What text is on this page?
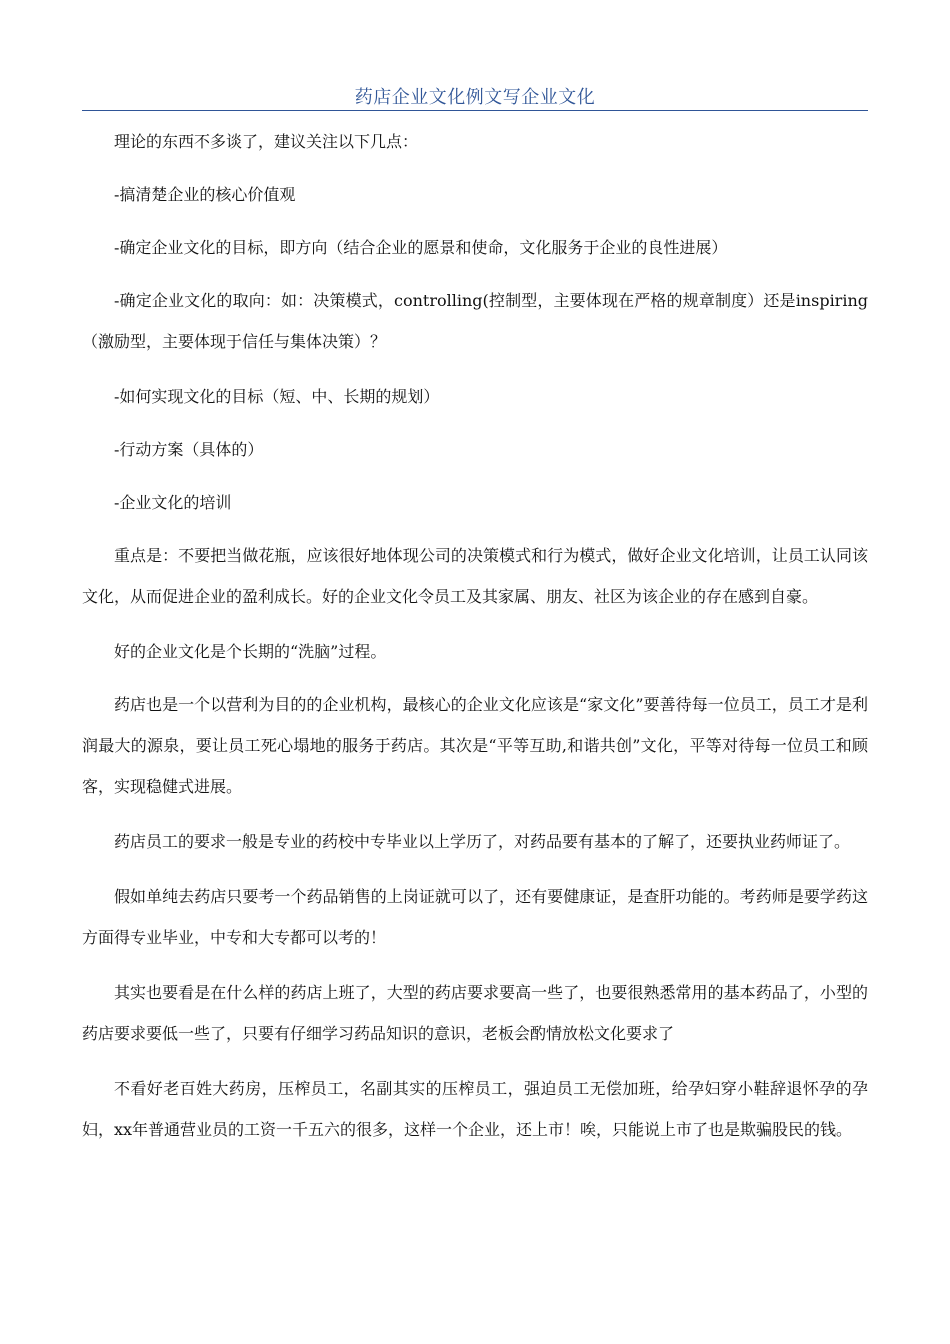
药店企业文化例文写企业文化

理论的东西不多谈了，建议关注以下几点：

-搞清楚企业的核心价值观

-确定企业文化的目标，即方向（结合企业的愿景和使命，文化服务于企业的良性进展）

-确定企业文化的取向：如：决策模式，controlling(控制型，主要体现在严格的规章制度）还是inspiring（激励型，主要体现于信任与集体决策）？

-如何实现文化的目标（短、中、长期的规划）

-行动方案（具体的）

-企业文化的培训

重点是：不要把当做花瓶，应该很好地体现公司的决策模式和行为模式，做好企业文化培训，让员工认同该文化，从而促进企业的盈利成长。好的企业文化令员工及其家属、朋友、社区为该企业的存在感到自豪。

好的企业文化是个长期的“洗脑”过程。

药店也是一个以营利为目的的企业机构，最核心的企业文化应该是“家文化”要善待每一位员工，员工才是利润最大的源泉，要让员工死心塌地的服务于药店。其次是“平等互助,和谐共创”文化，平等对待每一位员工和顾客，实现稳健式进展。

药店员工的要求一般是专业的药校中专毕业以上学历了，对药品要有基本的了解了，还要执业药师证了。

假如单纯去药店只要考一个药品销售的上岗证就可以了，还有要健康证，是查肝功能的。考药师是要学药这方面得专业毕业，中专和大专都可以考的！

其实也要看是在什么样的药店上班了，大型的药店要求要高一些了，也要很熟悉常用的基本药品了，小型的药店要求要低一些了，只要有仔细学习药品知识的意识，老板会酌情放松文化要求了

不看好老百姓大药房，压榨员工，名副其实的压榨员工，强迫员工无偿加班，给孕妇穿小鞋辞退怀孕的孕妇，xx年普通营业员的工资一千五六的很多，这样一个企业，还上市！唉，只能说上市了也是欺骗股民的钱。
